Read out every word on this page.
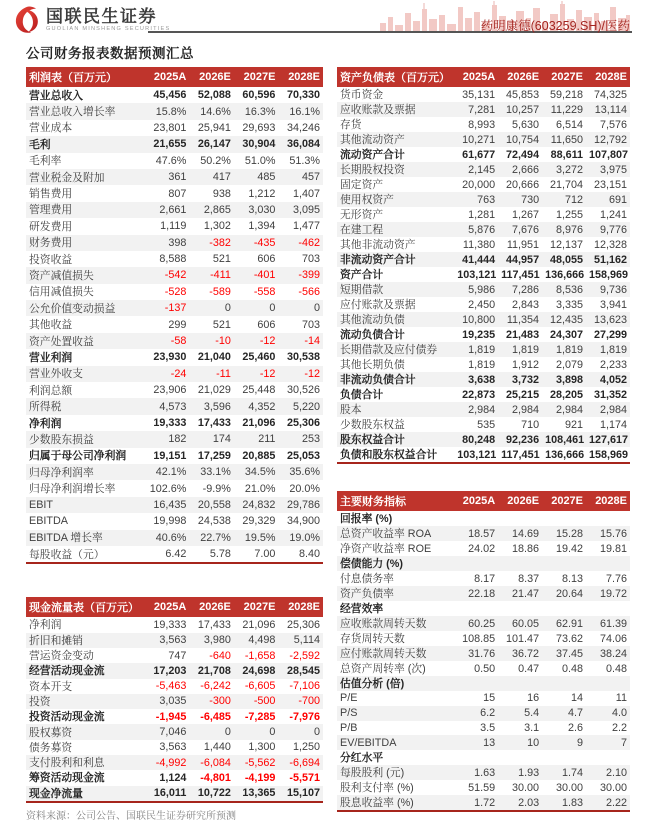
国联民生证券
GUOLIAN MINSHENG SECURITIES	药明康德(603259.SH)/医药
公司财务报表数据预测汇总
利润表（百万元）	2025A	2026E	2027E	2028E
营业总收入	45,456	52,088	60,596	70,330
营业总收入增长率	15.8%	14.6%	16.3%	16.1%
营业成本	23,801	25,941	29,693	34,246
毛利	21,655	26,147	30,904	36,084
毛利率	47.6%	50.2%	51.0%	51.3%
营业税金及附加	361	417	485	457
销售费用	807	938	1,212	1,407
管理费用	2,661	2,865	3,030	3,095
研发费用	1,119	1,302	1,394	1,477
财务费用	398	-382	-435	-462
投资收益	8,588	521	606	703
资产减值损失	-542	-411	-401	-399
信用减值损失	-528	-589	-558	-566
公允价值变动损益	-137	0	0	0
其他收益	299	521	606	703
资产处置收益	-58	-10	-12	-14
营业利润	23,930	21,040	25,460	30,538
营业外收支	-24	-11	-12	-12
利润总额	23,906	21,029	25,448	30,526
所得税	4,573	3,596	4,352	5,220
净利润	19,333	17,433	21,096	25,306
少数股东损益	182	174	211	253
归属于母公司净利润	19,151	17,259	20,885	25,053
归母净利润率	42.1%	33.1%	34.5%	35.6%
归母净利润增长率	102.6%	-9.9%	21.0%	20.0%
EBIT	16,435	20,558	24,832	29,786
EBITDA	19,998	24,538	29,329	34,900
EBITDA 增长率	40.6%	22.7%	19.5%	19.0%
每股收益（元）	6.42	5.78	7.00	8.40
现金流量表（百万元）	2025A	2026E	2027E	2028E
净利润	19,333	17,433	21,096	25,306
折旧和摊销	3,563	3,980	4,498	5,114
营运资金变动	747	-640	-1,658	-2,592
经营活动现金流	17,203	21,708	24,698	28,545
资本开支	-5,463	-6,242	-6,605	-7,106
投资	3,035	-300	-500	-700
投资活动现金流	-1,945	-6,485	-7,285	-7,976
股权募资	7,046	0	0	0
债务募资	3,563	1,440	1,300	1,250
支付股利和利息	-4,992	-6,084	-5,562	-6,694
筹资活动现金流	1,124	-4,801	-4,199	-5,571
现金净流量	16,011	10,722	13,365	15,107
资料来源：公司公告、国联民生证券研究所预测
资产负债表（百万元）	2025A	2026E	2027E	2028E
货币资金	35,131	45,853	59,218	74,325
应收账款及票据	7,281	10,257	11,229	13,114
存货	8,993	5,630	6,514	7,576
其他流动资产	10,271	10,754	11,650	12,792
流动资产合计	61,677	72,494	88,611	107,807
长期股权投资	2,145	2,666	3,272	3,975
固定资产	20,000	20,666	21,704	23,151
使用权资产	763	730	712	691
无形资产	1,281	1,267	1,255	1,241
在建工程	5,876	7,676	8,976	9,776
其他非流动资产	11,380	11,951	12,137	12,328
非流动资产合计	41,444	44,957	48,055	51,162
资产合计	103,121	117,451	136,666	158,969
短期借款	5,986	7,286	8,536	9,736
应付账款及票据	2,450	2,843	3,335	3,941
其他流动负债	10,800	11,354	12,435	13,623
流动负债合计	19,235	21,483	24,307	27,299
长期借款及应付债券	1,819	1,819	1,819	1,819
其他长期负债	1,819	1,912	2,079	2,233
非流动负债合计	3,638	3,732	3,898	4,052
负债合计	22,873	25,215	28,205	31,352
股本	2,984	2,984	2,984	2,984
少数股东权益	535	710	921	1,174
股东权益合计	80,248	92,236	108,461	127,617
负债和股东权益合计	103,121	117,451	136,666	158,969
主要财务指标	2025A	2026E	2027E	2028E
回报率 (%)				
总资产收益率 ROA	18.57	14.69	15.28	15.76
净资产收益率 ROE	24.02	18.86	19.42	19.81
偿债能力 (%)				
付息债务率	8.17	8.37	8.13	7.76
资产负债率	22.18	21.47	20.64	19.72
经营效率				
应收账款周转天数	60.25	60.05	62.91	61.39
存货周转天数	108.85	101.47	73.62	74.06
应付账款周转天数	31.76	36.72	37.45	38.24
总资产周转率 (次)	0.50	0.47	0.48	0.48
估值分析 (倍)				
P/E	15	16	14	11
P/S	6.2	5.4	4.7	4.0
P/B	3.5	3.1	2.6	2.2
EV/EBITDA	13	10	9	7
分红水平				
每股股利 (元)	1.63	1.93	1.74	2.10
股利支付率 (%)	51.59	30.00	30.00	30.00
股息收益率 (%)	1.72	2.03	1.83	2.22
